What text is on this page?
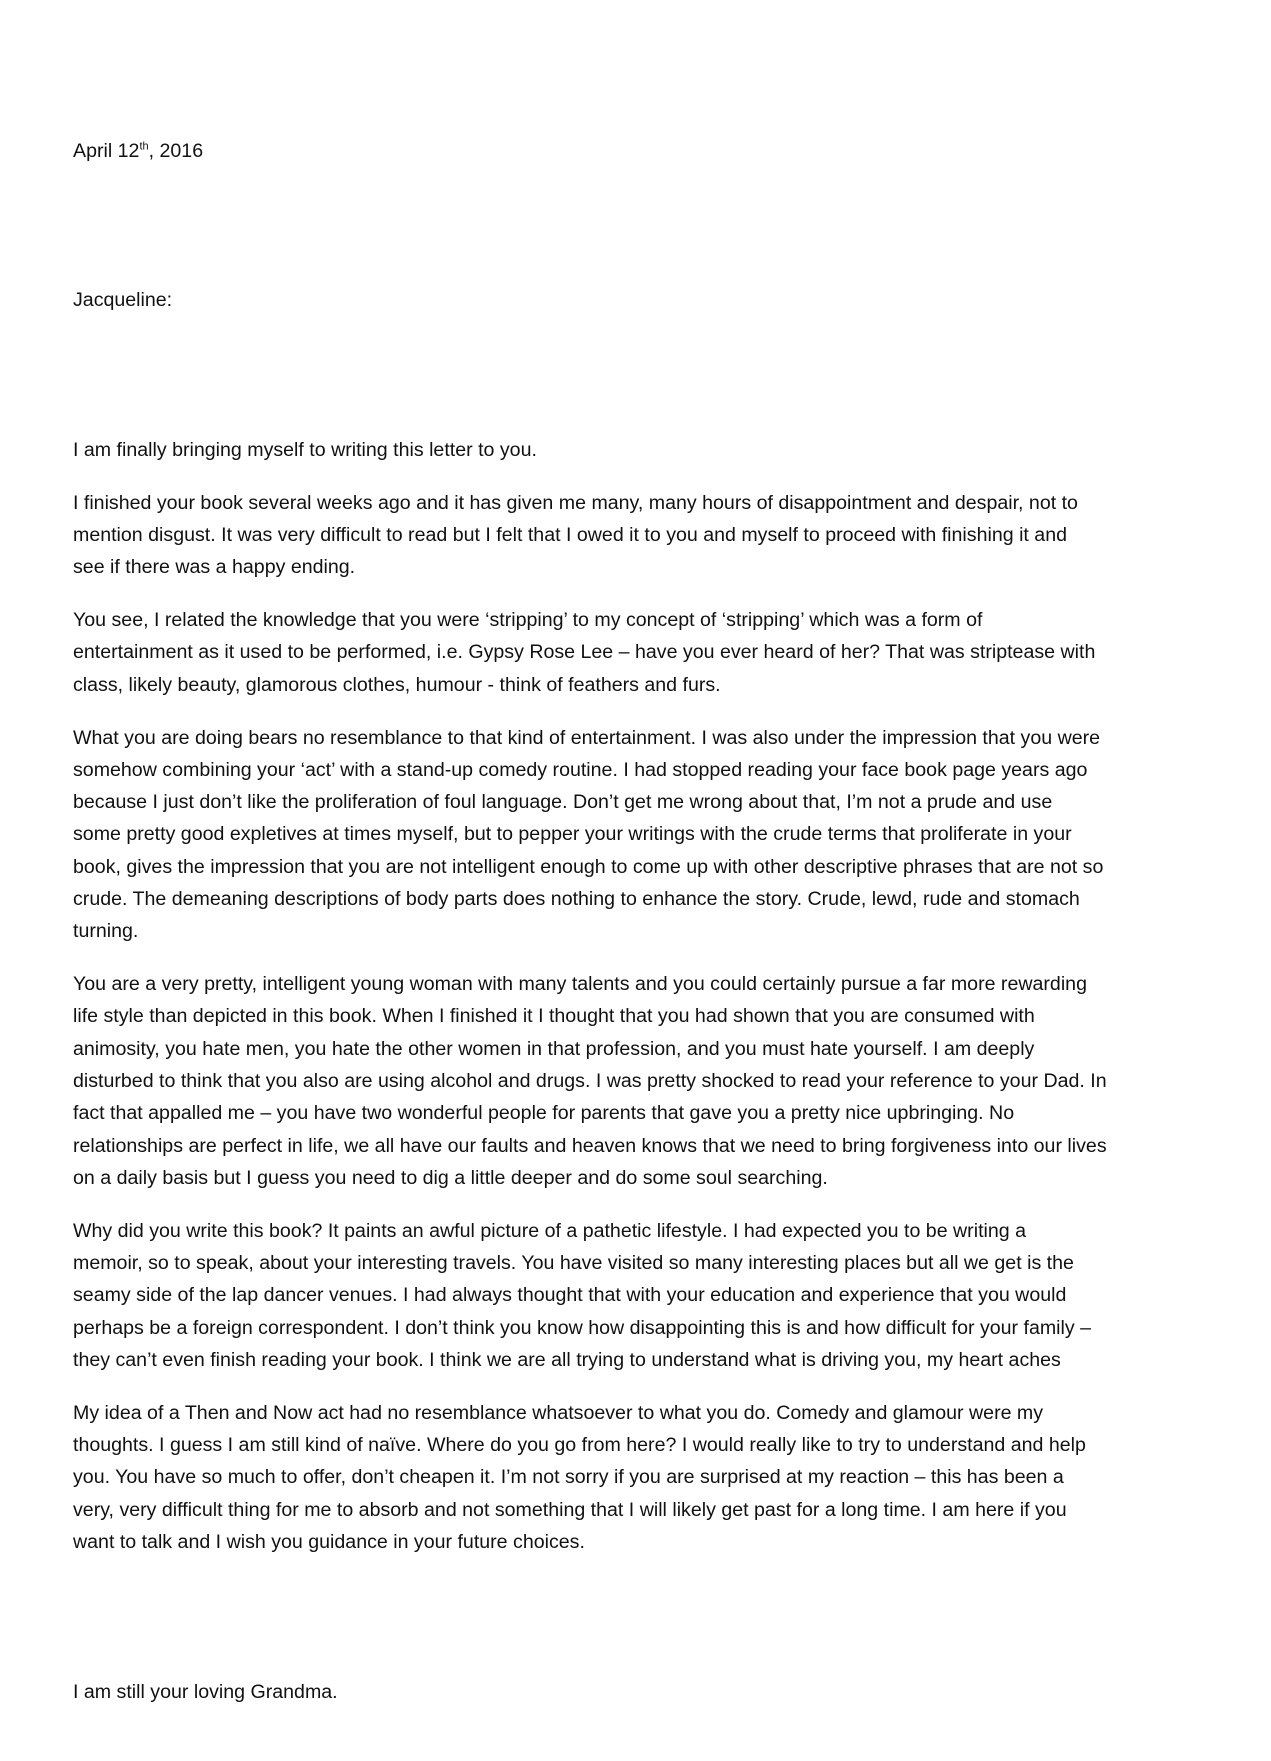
April 12th, 2016

Jacqueline:

I am finally bringing myself to writing this letter to you.

I finished your book several weeks ago and it has given me many, many hours of disappointment and despair, not to
mention disgust. It was very difficult to read but I felt that I owed it to you and myself to proceed with finishing it and
see if there was a happy ending.

You see, I related the knowledge that you were ‘stripping’ to my concept of ‘stripping’ which was a form of
entertainment as it used to be performed, i.e. Gypsy Rose Lee – have you ever heard of her? That was striptease with
class, likely beauty, glamorous clothes, humour - think of feathers and furs.

What you are doing bears no resemblance to that kind of entertainment. I was also under the impression that you were
somehow combining your ‘act’ with a stand-up comedy routine. I had stopped reading your face book page years ago
because I just don’t like the proliferation of foul language. Don’t get me wrong about that, I’m not a prude and use
some pretty good expletives at times myself, but to pepper your writings with the crude terms that proliferate in your
book, gives the impression that you are not intelligent enough to come up with other descriptive phrases that are not so
crude. The demeaning descriptions of body parts does nothing to enhance the story. Crude, lewd, rude and stomach
turning.

You are a very pretty, intelligent young woman with many talents and you could certainly pursue a far more rewarding
life style than depicted in this book. When I finished it I thought that you had shown that you are consumed with
animosity, you hate men, you hate the other women in that profession, and you must hate yourself. I am deeply
disturbed to think that you also are using alcohol and drugs. I was pretty shocked to read your reference to your Dad. In
fact that appalled me – you have two wonderful people for parents that gave you a pretty nice upbringing. No
relationships are perfect in life, we all have our faults and heaven knows that we need to bring forgiveness into our lives
on a daily basis but I guess you need to dig a little deeper and do some soul searching.

Why did you write this book? It paints an awful picture of a pathetic lifestyle. I had expected you to be writing a
memoir, so to speak, about your interesting travels. You have visited so many interesting places but all we get is the
seamy side of the lap dancer venues. I had always thought that with your education and experience that you would
perhaps be a foreign correspondent. I don’t think you know how disappointing this is and how difficult for your family –
they can’t even finish reading your book. I think we are all trying to understand what is driving you, my heart aches

My idea of a Then and Now act had no resemblance whatsoever to what you do. Comedy and glamour were my
thoughts. I guess I am still kind of naïve. Where do you go from here? I would really like to try to understand and help
you. You have so much to offer, don’t cheapen it. I’m not sorry if you are surprised at my reaction – this has been a
very, very difficult thing for me to absorb and not something that I will likely get past for a long time. I am here if you
want to talk and I wish you guidance in your future choices.

I am still your loving Grandma.
